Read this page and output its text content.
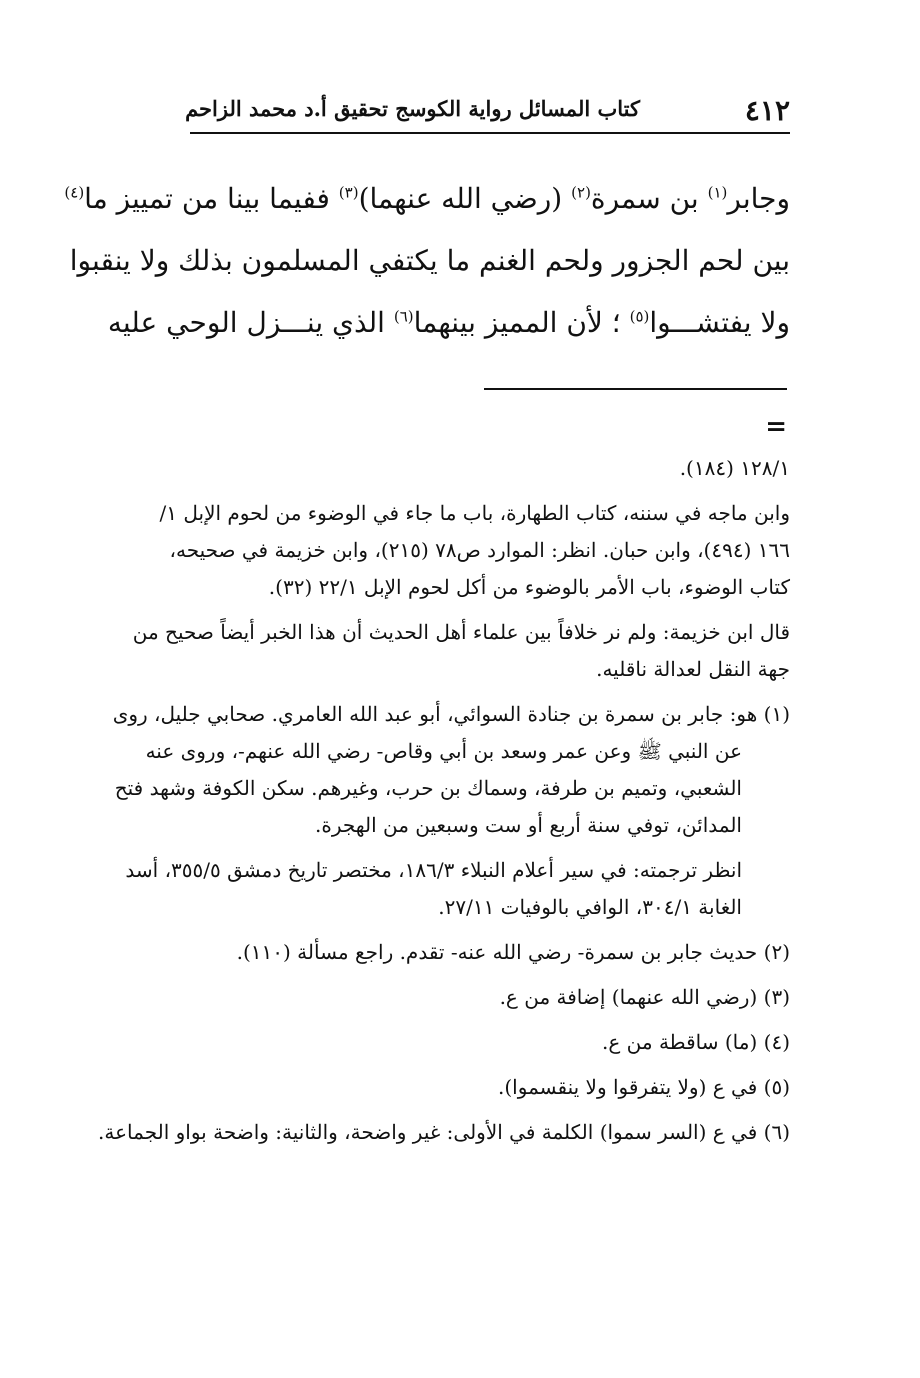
٤١٢
كتاب المسائل رواية الكوسج تحقيق أ.د محمد الزاحم
وجابر$^{(١)}$ بن سمرة$^{(٢)}$ (رضي الله عنهما)$^{(٣)}$ ففيما بينا من تمييز ما$^{(٤)}$
بين لحم الجزور ولحم الغنم ما يكتفي المسلمون بذلك ولا ينقبوا
ولا يفتشـــوا$^{(٥)}$ ؛ لأن المميز بينهما$^{(٦)}$ الذي ينـــزل الوحي عليه
=
١٢٨/١ (١٨٤).
وابن ماجه في سننه، كتاب الطهارة، باب ما جاء في الوضوء من لحوم الإبل ١/
١٦٦ (٤٩٤)، وابن حبان. انظر: الموارد ص٧٨ (٢١٥)، وابن خزيمة في صحيحه،
كتاب الوضوء، باب الأمر بالوضوء من أكل لحوم الإبل ٢٢/١ (٣٢).
قال ابن خزيمة: ولم نر خلافاً بين علماء أهل الحديث أن هذا الخبر أيضاً صحيح من
جهة النقل لعدالة ناقليه.
(١) هو: جابر بن سمرة بن جنادة السوائي، أبو عبد الله العامري. صحابي جليل، روى
عن النبي ﷺ وعن عمر وسعد بن أبي وقاص- رضي الله عنهم-، وروى عنه
الشعبي، وتميم بن طرفة، وسماك بن حرب، وغيرهم. سكن الكوفة وشهد فتح
المدائن، توفي سنة أربع أو ست وسبعين من الهجرة.
انظر ترجمته: في سير أعلام النبلاء ١٨٦/٣، مختصر تاريخ دمشق ٣٥٥/٥، أسد
الغابة ٣٠٤/١، الوافي بالوفيات ٢٧/١١.
(٢) حديث جابر بن سمرة- رضي الله عنه- تقدم. راجع مسألة (١١٠).
(٣) (رضي الله عنهما) إضافة من ع.
(٤) (ما) ساقطة من ع.
(٥) في ع (ولا يتفرقوا ولا ينقسموا).
(٦) في ع (السر سموا) الكلمة في الأولى: غير واضحة، والثانية: واضحة بواو الجماعة.
